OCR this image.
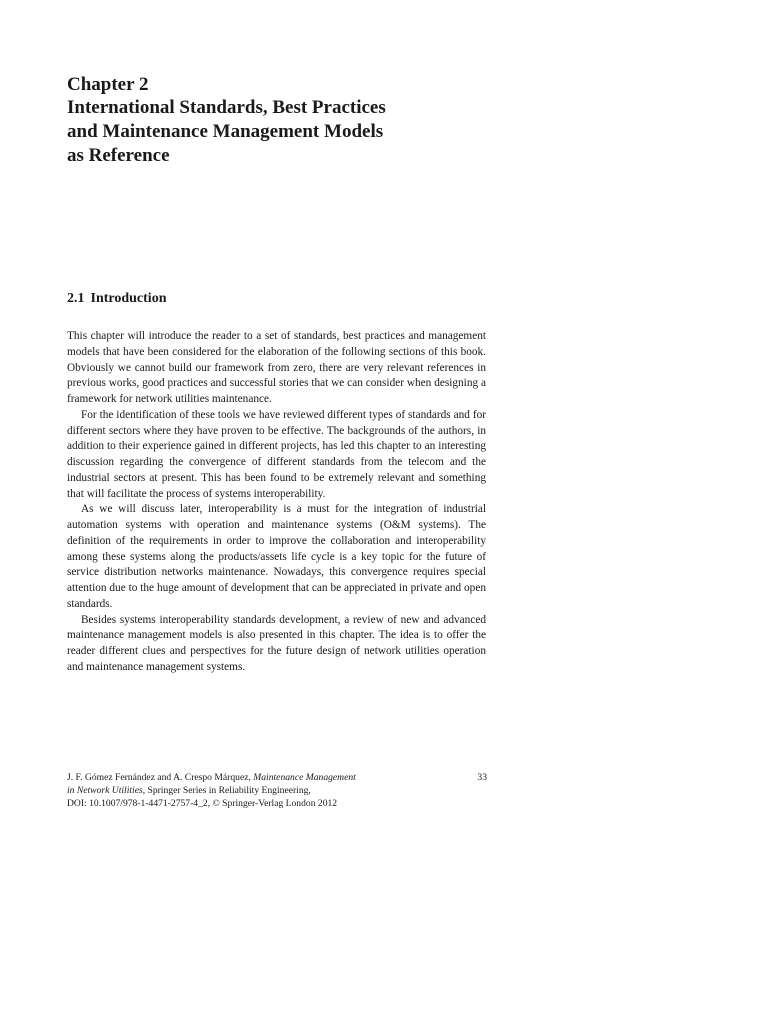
Chapter 2
International Standards, Best Practices
and Maintenance Management Models
as Reference
2.1 Introduction

This chapter will introduce the reader to a set of standards, best practices and management models that have been considered for the elaboration of the following sections of this book. Obviously we cannot build our framework from zero, there are very relevant references in previous works, good practices and successful stories that we can consider when designing a framework for network utilities maintenance.

For the identification of these tools we have reviewed different types of standards and for different sectors where they have proven to be effective. The backgrounds of the authors, in addition to their experience gained in different projects, has led this chapter to an interesting discussion regarding the convergence of different standards from the telecom and the industrial sectors at present. This has been found to be extremely relevant and something that will facilitate the process of systems interoperability.

As we will discuss later, interoperability is a must for the integration of industrial automation systems with operation and maintenance systems (O&M systems). The definition of the requirements in order to improve the collaboration and interoperability among these systems along the products/assets life cycle is a key topic for the future of service distribution networks maintenance. Nowadays, this convergence requires special attention due to the huge amount of development that can be appreciated in private and open standards.

Besides systems interoperability standards development, a review of new and advanced maintenance management models is also presented in this chapter. The idea is to offer the reader different clues and perspectives for the future design of network utilities operation and maintenance management systems.

33
J. F. Gómez Fernández and A. Crespo Márquez, Maintenance Management
in Network Utilities, Springer Series in Reliability Engineering,
DOI: 10.1007/978-1-4471-2757-4_2, © Springer-Verlag London 2012
